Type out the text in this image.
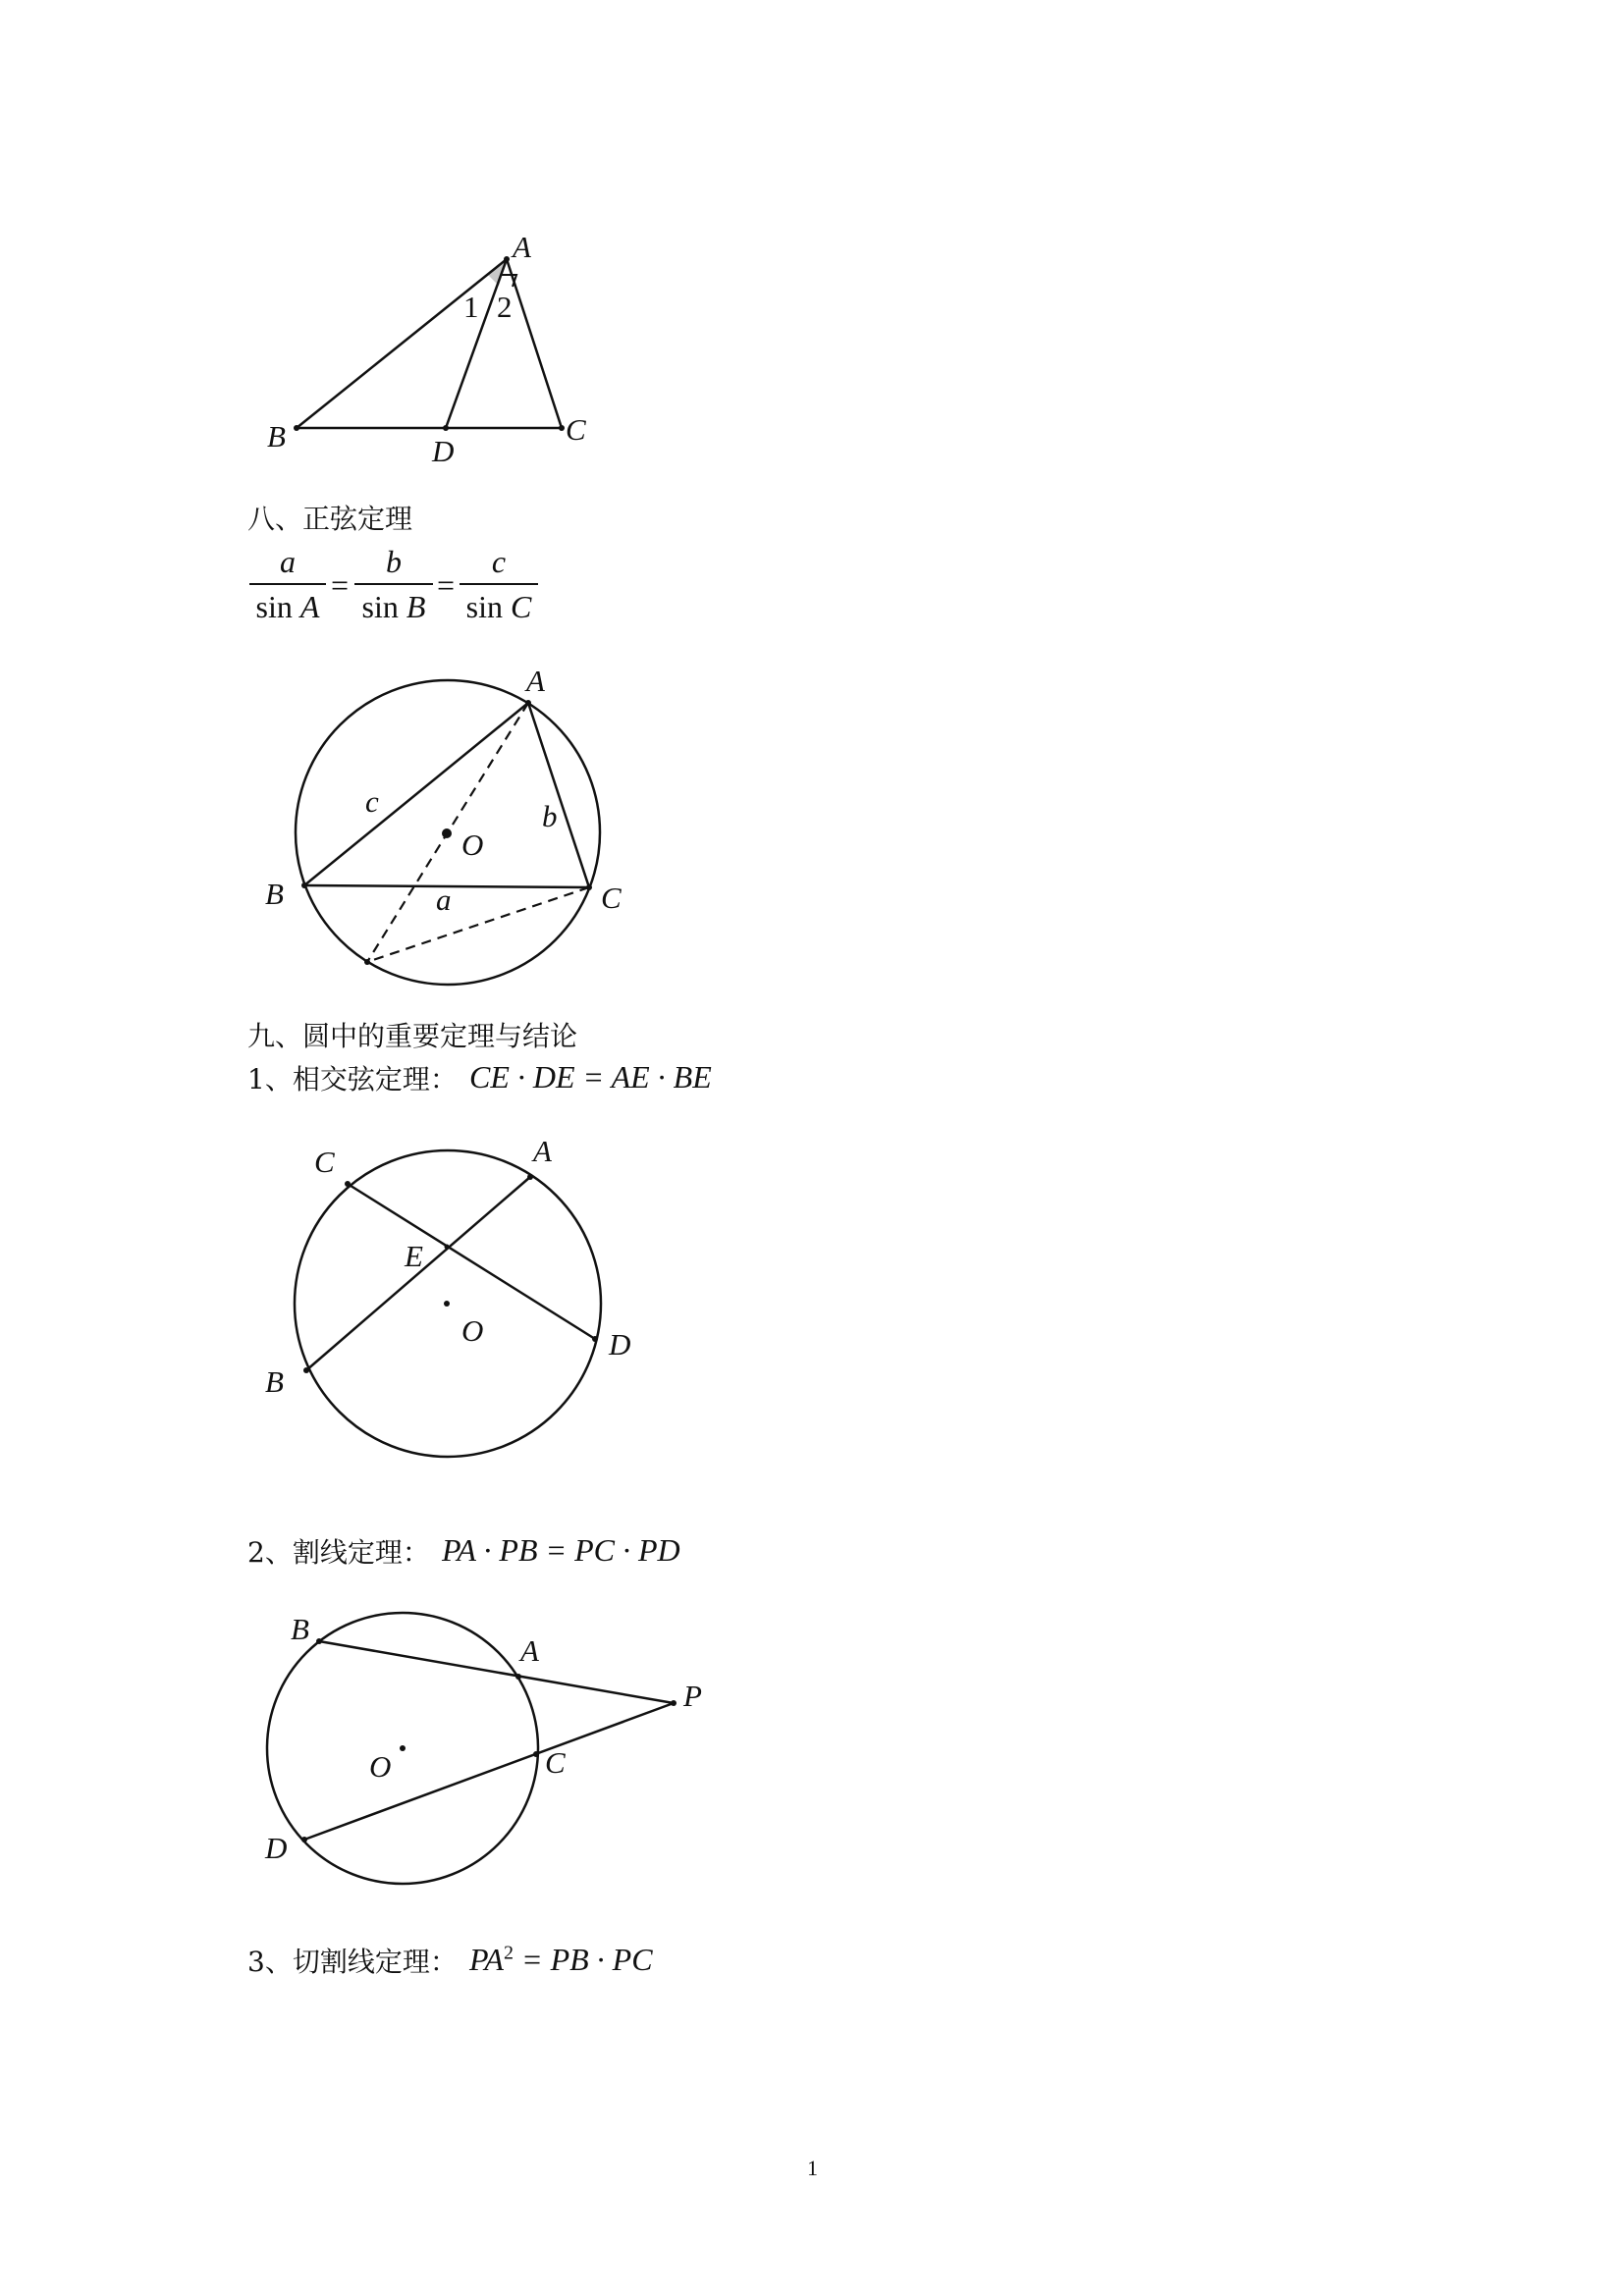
A
B	C
D
1 2
八、正弦定理
a
sin A
=
b
sin B
=
c
sin C
A
B	C
O
a
b
c
九、圆中的重要定理与结论
1、相交弦定理： CE · DE = AE · BE
C	A
E
O	D
B
2、割线定理： PA · PB = PC · PD
B
A
P
C
O
D
3、切割线定理： $PA^2$ = PB · PC
1
